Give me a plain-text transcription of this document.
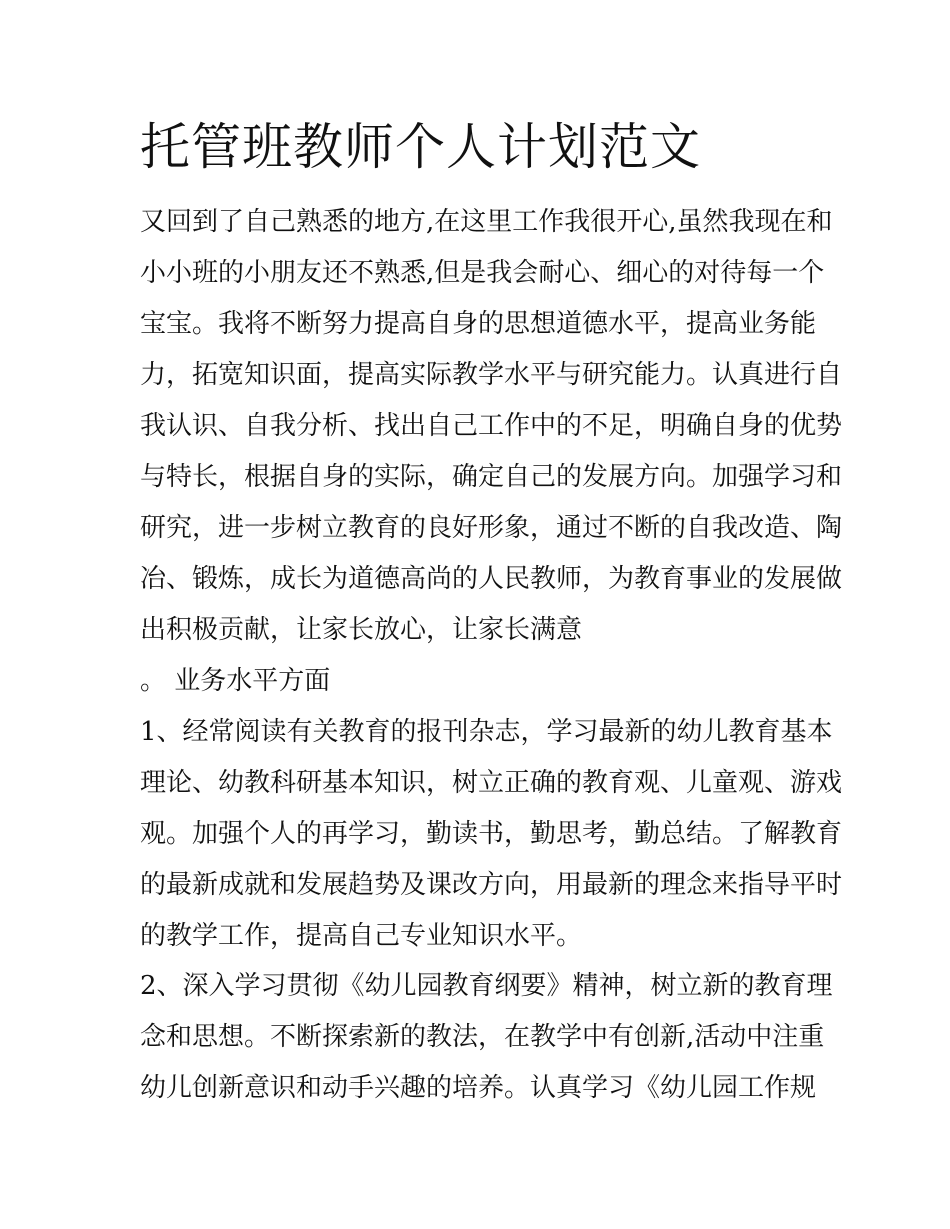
托管班教师个人计划范文

又回到了自己熟悉的地方,在这里工作我很开心,虽然我现在和

小小班的小朋友还不熟悉,但是我会耐心、细心的对待每一个

宝宝。我将不断努力提高自身的思想道德水平，提高业务能

力，拓宽知识面，提高实际教学水平与研究能力。认真进行自

我认识、自我分析、找出自己工作中的不足，明确自身的优势

与特长，根据自身的实际，确定自己的发展方向。加强学习和

研究，进一步树立教育的良好形象，通过不断的自我改造、陶

冶、锻炼，成长为道德高尚的人民教师，为教育事业的发展做

出积极贡献，让家长放心，让家长满意

。 业务水平方面

1、经常阅读有关教育的报刊杂志，学习最新的幼儿教育基本

理论、幼教科研基本知识，树立正确的教育观、儿童观、游戏

观。加强个人的再学习，勤读书，勤思考，勤总结。了解教育

的最新成就和发展趋势及课改方向，用最新的理念来指导平时

的教学工作，提高自己专业知识水平。

2、深入学习贯彻《幼儿园教育纲要》精神，树立新的教育理

念和思想。不断探索新的教法，在教学中有创新,活动中注重

幼儿创新意识和动手兴趣的培养。认真学习《幼儿园工作规
